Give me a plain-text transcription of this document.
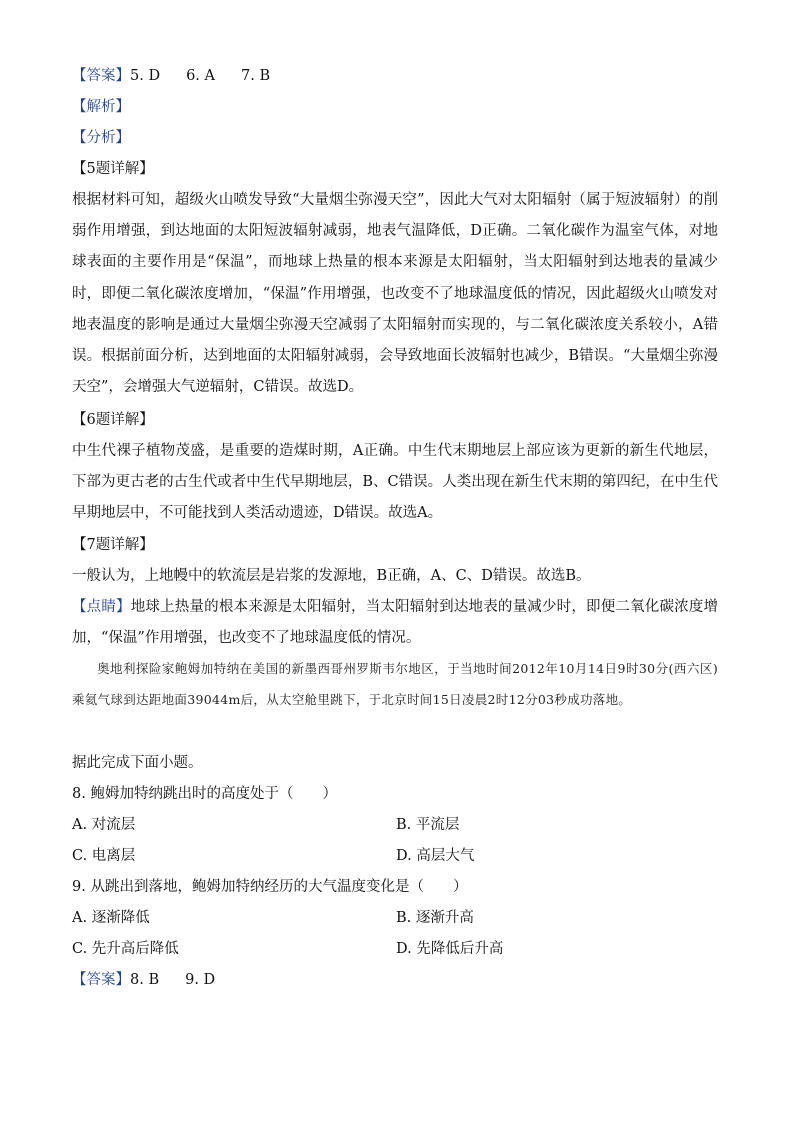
【答案】5. D 6. A 7. B
【解析】
【分析】
【5题详解】
根据材料可知，超级火山喷发导致“大量烟尘弥漫天空”，因此大气对太阳辐射（属于短波辐射）的削弱作用增强，到达地面的太阳短波辐射减弱，地表气温降低，D正确。二氧化碳作为温室气体，对地球表面的主要作用是“保温”，而地球上热量的根本来源是太阳辐射，当太阳辐射到达地表的量减少时，即便二氧化碳浓度增加，“保温”作用增强，也改变不了地球温度低的情况，因此超级火山喷发对地表温度的影响是通过大量烟尘弥漫天空减弱了太阳辐射而实现的，与二氧化碳浓度关系较小，A错误。根据前面分析，达到地面的太阳辐射减弱，会导致地面长波辐射也减少，B错误。“大量烟尘弥漫天空”，会增强大气逆辐射，C错误。故选D。
【6题详解】
中生代裸子植物茂盛，是重要的造煤时期，A正确。中生代末期地层上部应该为更新的新生代地层，下部为更古老的古生代或者中生代早期地层，B、C错误。人类出现在新生代末期的第四纪，在中生代早期地层中，不可能找到人类活动遗迹，D错误。故选A。
【7题详解】
一般认为，上地幔中的软流层是岩浆的发源地，B正确，A、C、D错误。故选B。
【点睛】地球上热量的根本来源是太阳辐射，当太阳辐射到达地表的量减少时，即便二氧化碳浓度增加，“保温”作用增强，也改变不了地球温度低的情况。
奥地利探险家鲍姆加特纳在美国的新墨西哥州罗斯韦尔地区，于当地时间2012年10月14日9时30分(西六区)乘氦气球到达距地面39044m后，从太空舱里跳下，于北京时间15日凌晨2时12分03秒成功落地。
据此完成下面小题。
8. 鲍姆加特纳跳出时的高度处于（　　）
A. 对流层	B. 平流层
C. 电离层	D. 高层大气
9. 从跳出到落地，鲍姆加特纳经历的大气温度变化是（　　）
A. 逐渐降低	B. 逐渐升高
C. 先升高后降低	D. 先降低后升高
【答案】8. B 9. D
